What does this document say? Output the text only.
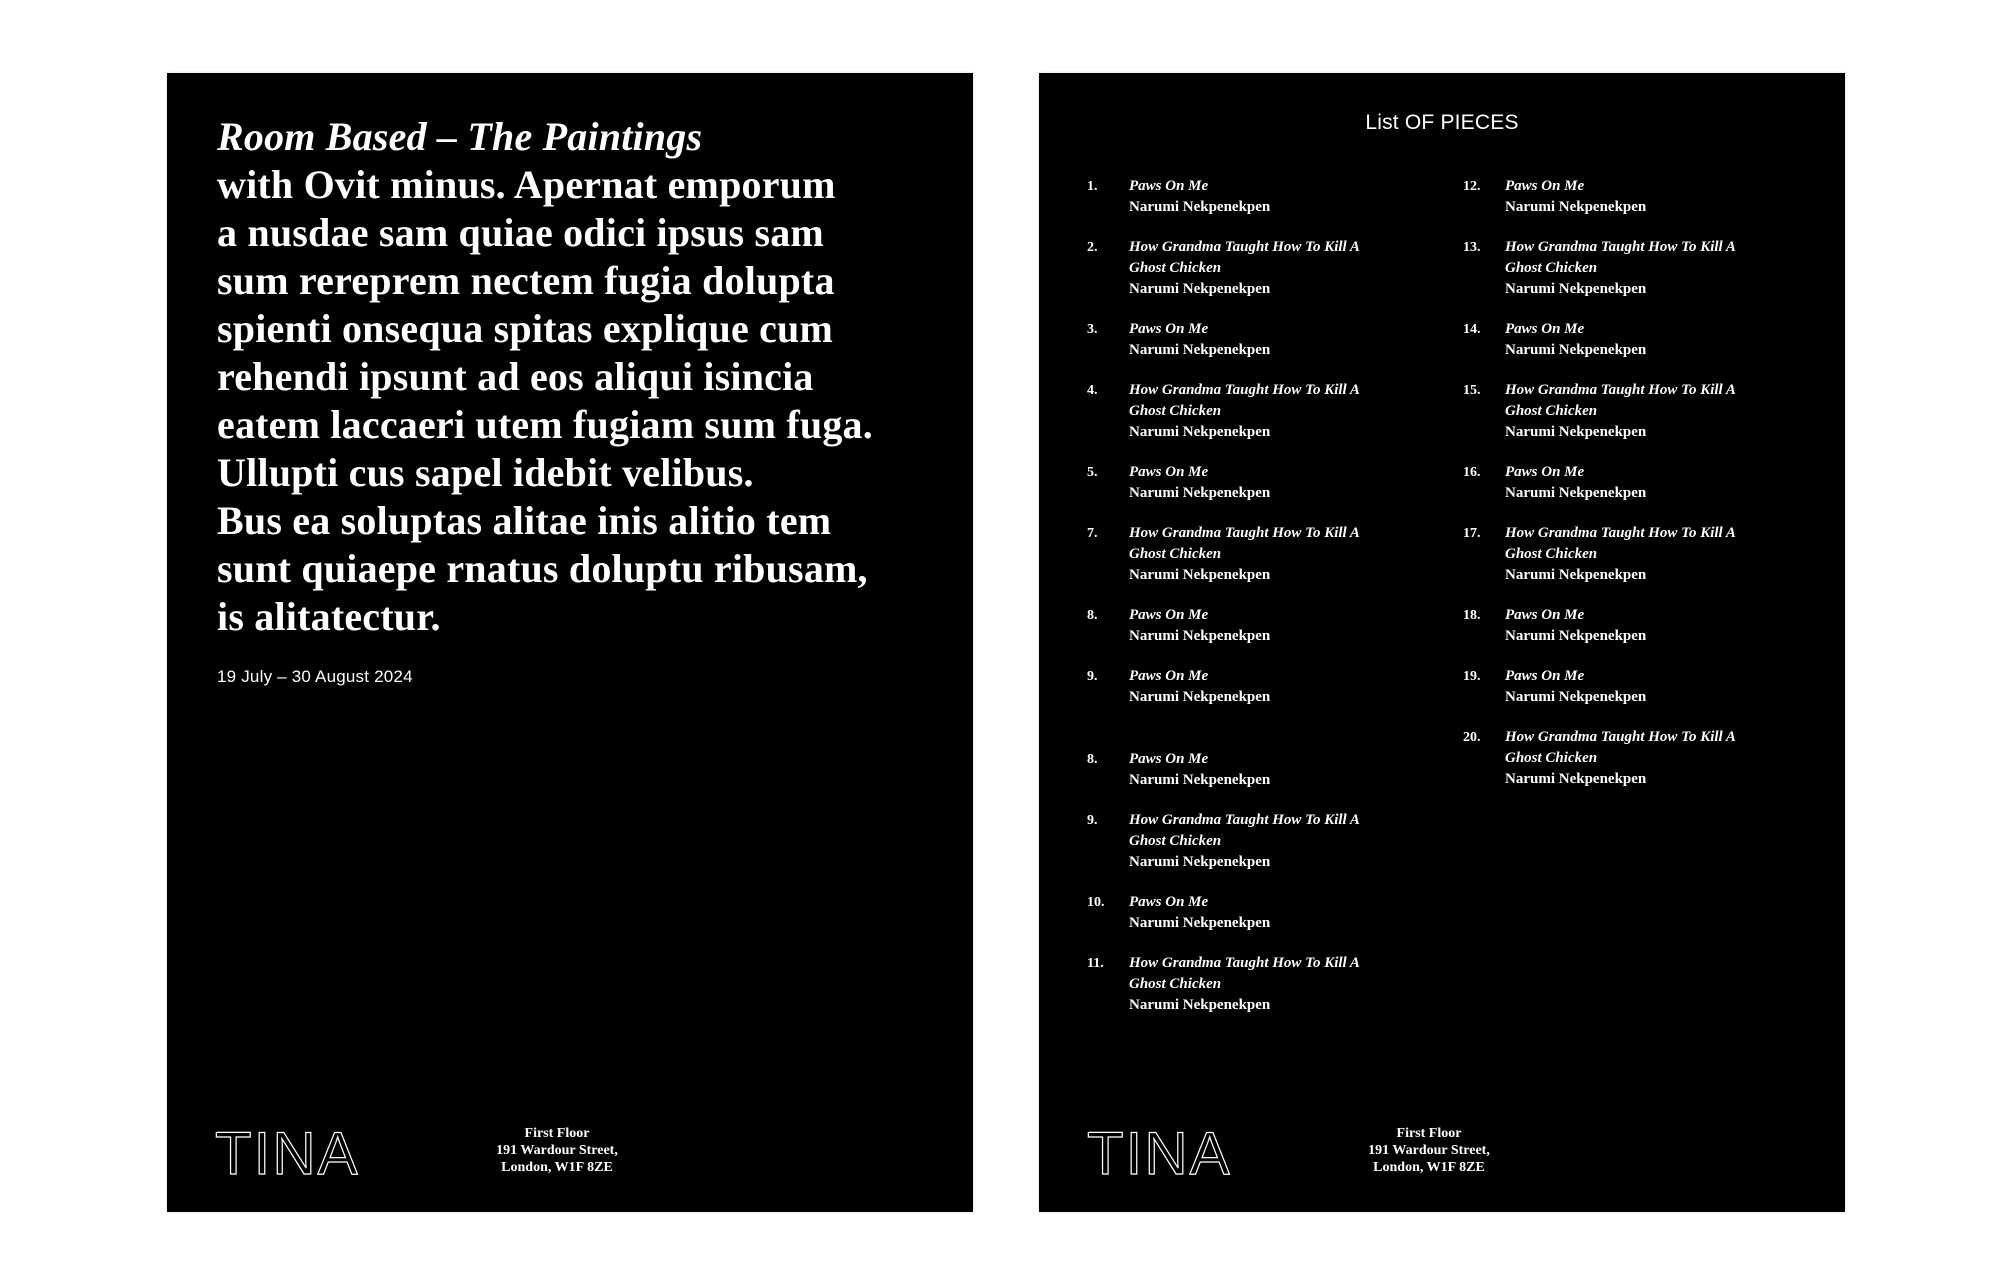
Room Based – The Paintings
with Ovit minus. Apernat emporum
a nusdae sam quiae odici ipsus sam
sum rereprem nectem fugia dolupta
spienti onsequa spitas explique cum
rehendi ipsunt ad eos aliqui isincia
eatem laccaeri utem fugiam sum fuga.
Ullupti cus sapel idebit velibus.
Bus ea soluptas alitae inis alitio tem
sunt quiaepe rnatus doluptu ribusam,
is alitatectur.
19 July – 30 August 2024
TINA	First Floor
191 Wardour Street,
London, W1F 8ZE
List OF PIECES
1. Paws On Me
Narumi Nekpenekpen
2. How Grandma Taught How To Kill A Ghost Chicken
Narumi Nekpenekpen
3. Paws On Me
Narumi Nekpenekpen
4. How Grandma Taught How To Kill A Ghost Chicken
Narumi Nekpenekpen
5. Paws On Me
Narumi Nekpenekpen
7. How Grandma Taught How To Kill A Ghost Chicken
Narumi Nekpenekpen
8. Paws On Me
Narumi Nekpenekpen
9. Paws On Me
Narumi Nekpenekpen
8. Paws On Me
Narumi Nekpenekpen
9. How Grandma Taught How To Kill A Ghost Chicken
Narumi Nekpenekpen
10. Paws On Me
Narumi Nekpenekpen
11. How Grandma Taught How To Kill A Ghost Chicken
Narumi Nekpenekpen
12. Paws On Me
Narumi Nekpenekpen
13. How Grandma Taught How To Kill A Ghost Chicken
Narumi Nekpenekpen
14. Paws On Me
Narumi Nekpenekpen
15. How Grandma Taught How To Kill A Ghost Chicken
Narumi Nekpenekpen
16. Paws On Me
Narumi Nekpenekpen
17. How Grandma Taught How To Kill A Ghost Chicken
Narumi Nekpenekpen
18. Paws On Me
Narumi Nekpenekpen
19. Paws On Me
Narumi Nekpenekpen
20. How Grandma Taught How To Kill A Ghost Chicken
Narumi Nekpenekpen
TINA	First Floor
191 Wardour Street,
London, W1F 8ZE
